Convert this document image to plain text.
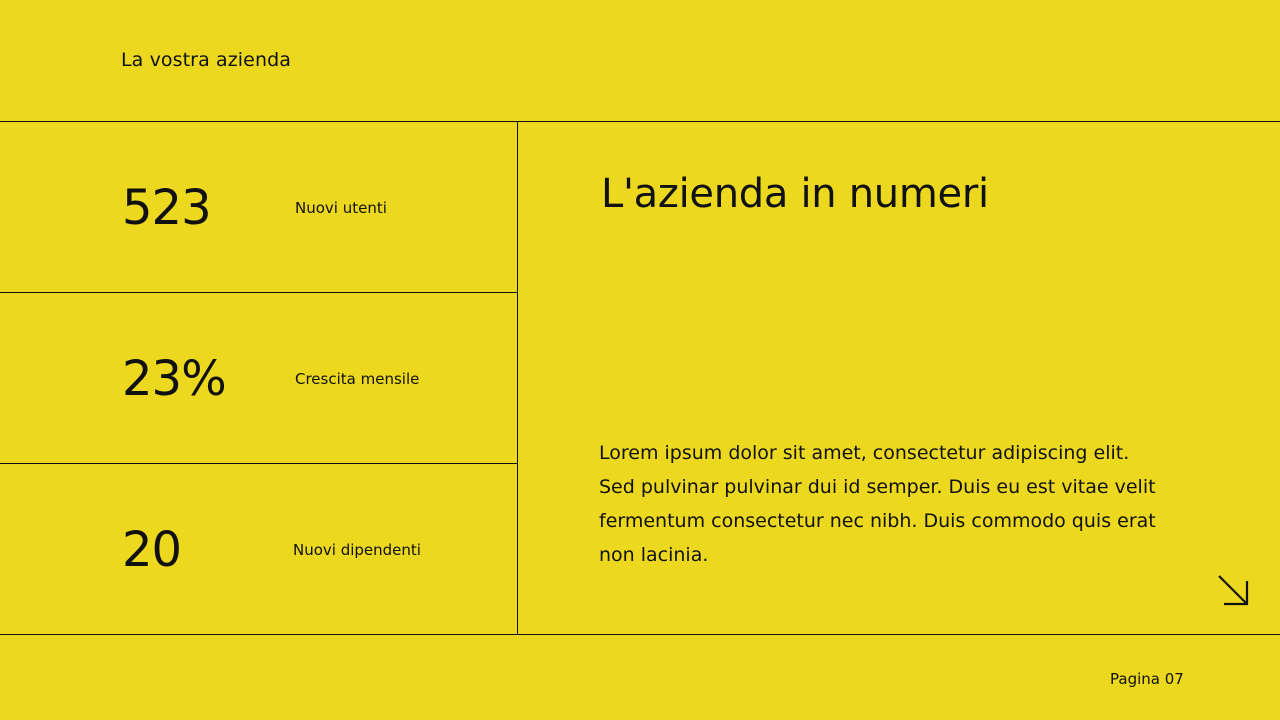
La vostra azienda
523	Nuovi utenti
23%	Crescita mensile
20	Nuovi dipendenti
L'azienda in numeri
Lorem ipsum dolor sit amet, consectetur adipiscing elit. Sed pulvinar pulvinar dui id semper. Duis eu est vitae velit fermentum consectetur nec nibh. Duis commodo quis erat non lacinia.
Pagina 07
